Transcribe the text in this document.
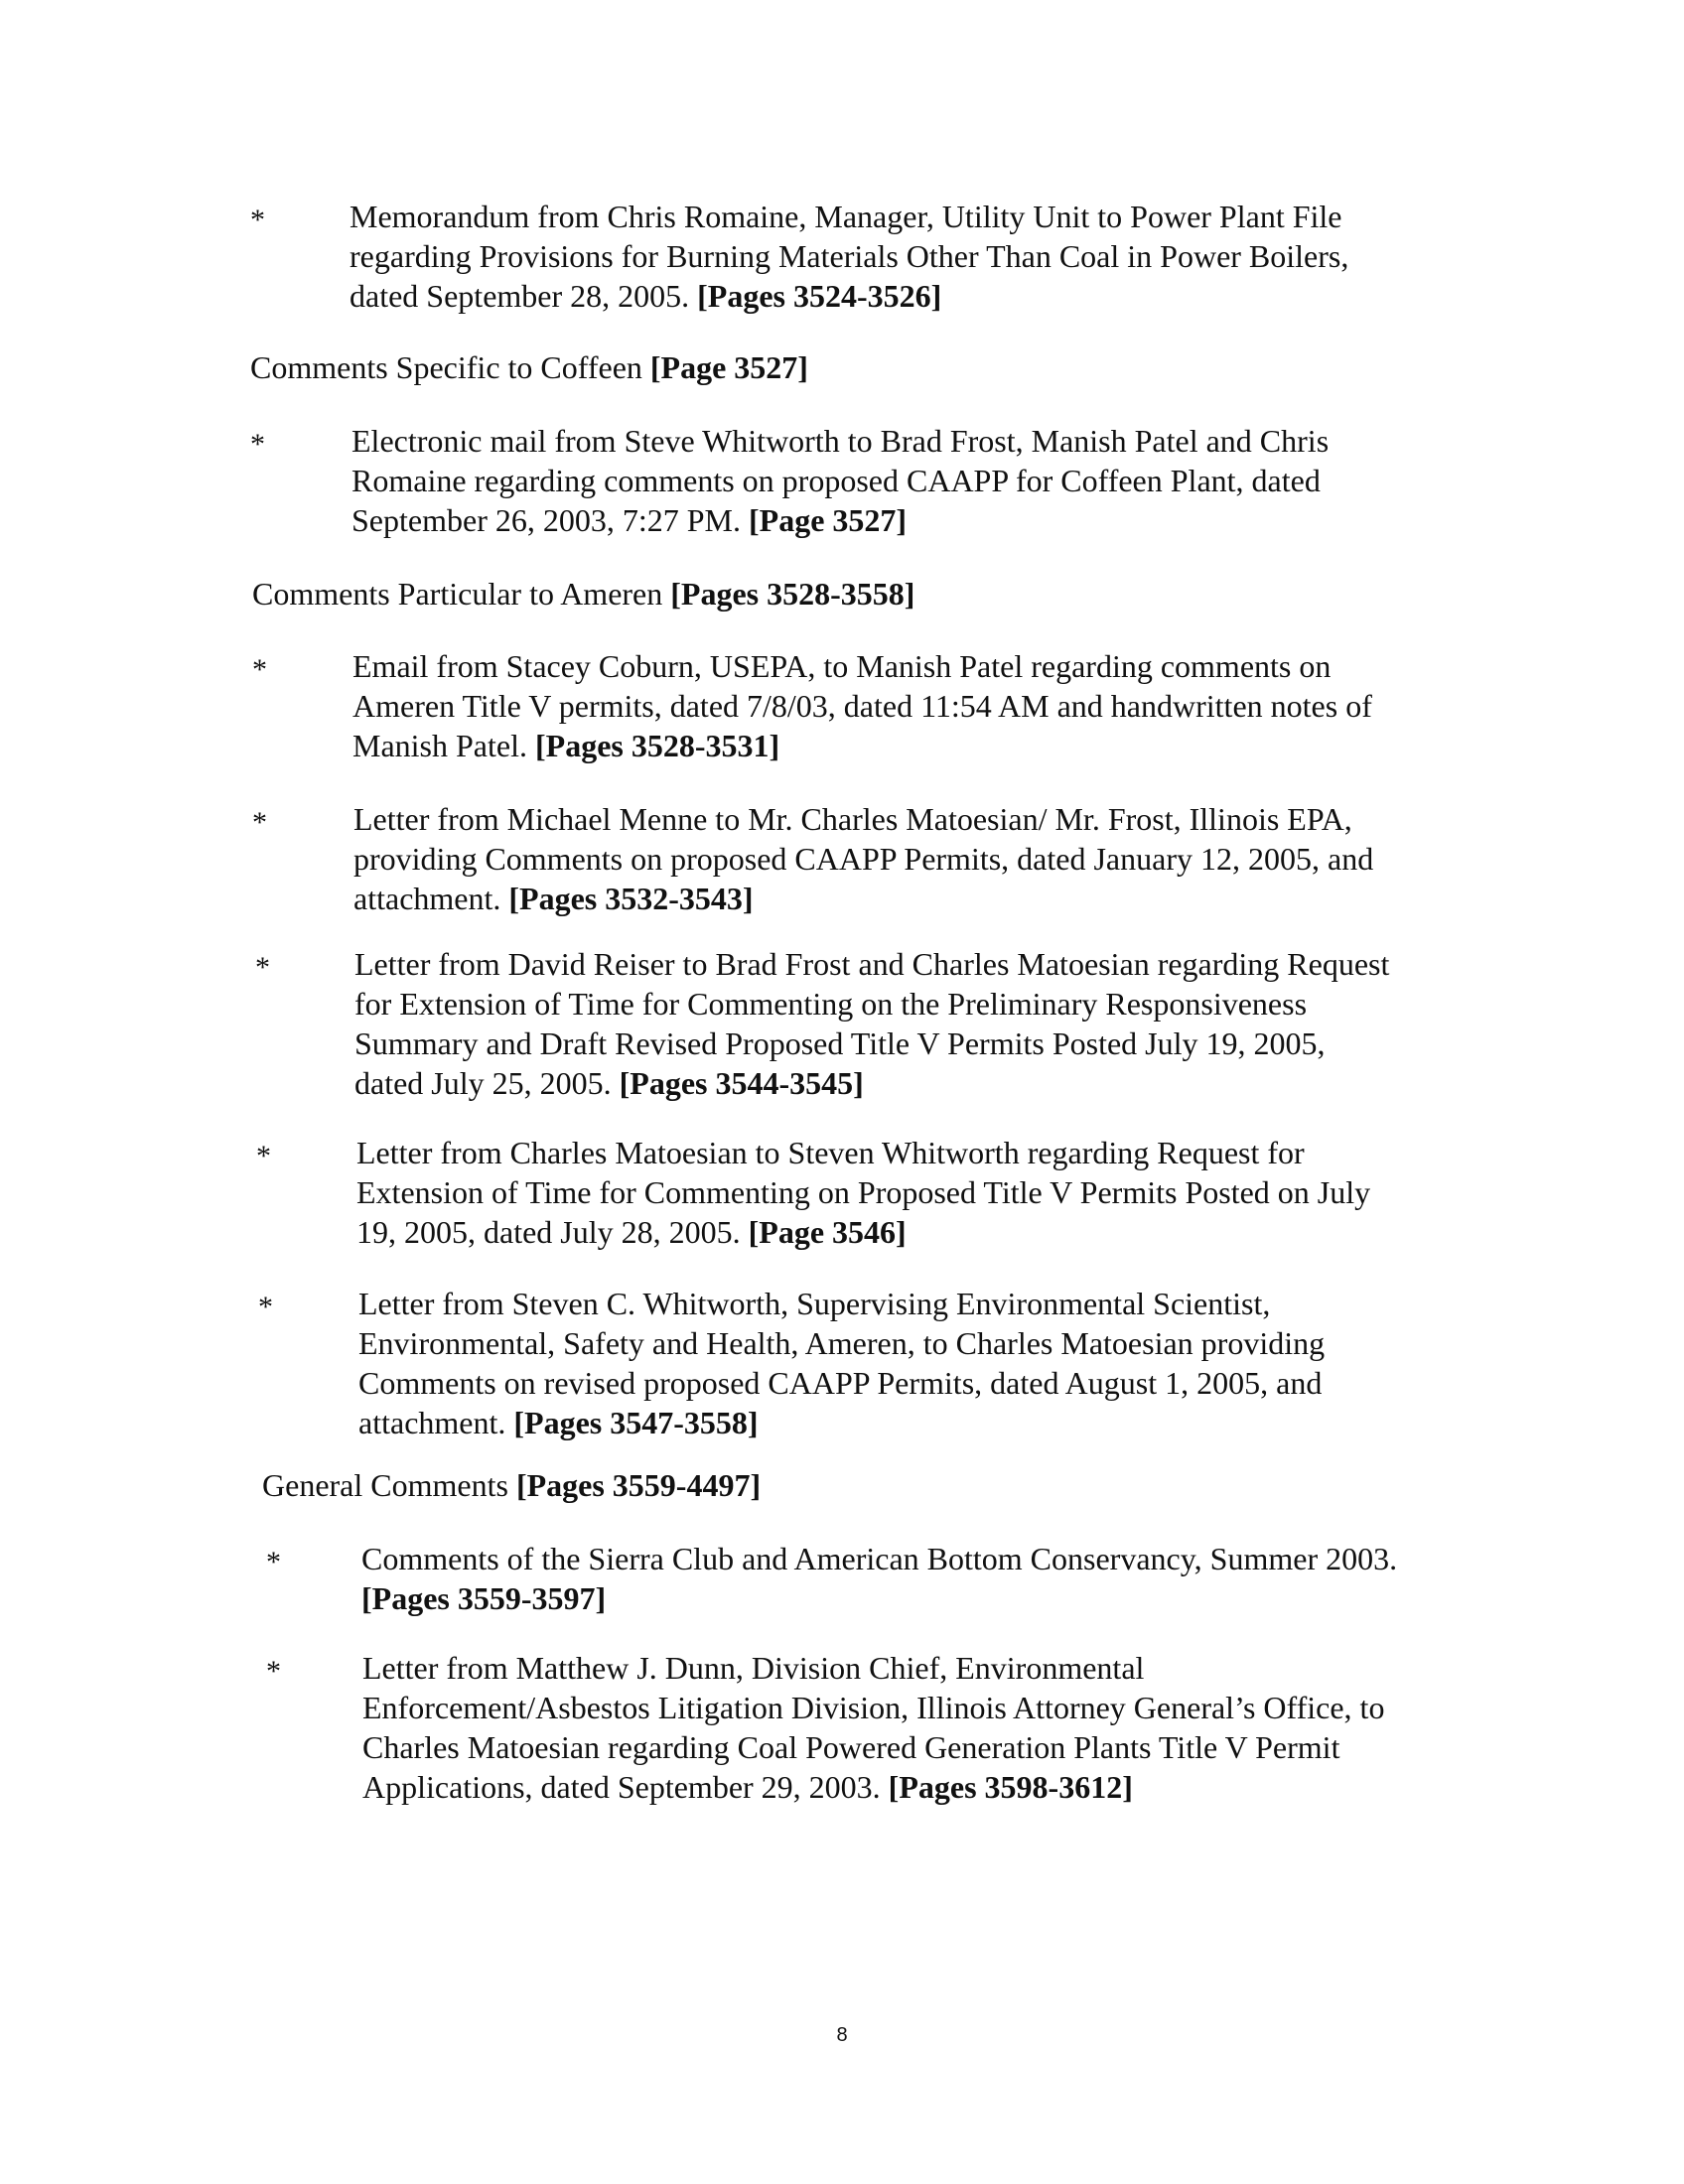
*	Memorandum from Chris Romaine, Manager, Utility Unit to Power Plant File
regarding Provisions for Burning Materials Other Than Coal in Power Boilers,
dated September 28, 2005. [Pages 3524-3526]
Comments Specific to Coffeen [Page 3527]
*	Electronic mail from Steve Whitworth to Brad Frost, Manish Patel and Chris
Romaine regarding comments on proposed CAAPP for Coffeen Plant, dated
September 26, 2003, 7:27 PM. [Page 3527]
Comments Particular to Ameren [Pages 3528-3558]
*	Email from Stacey Coburn, USEPA, to Manish Patel regarding comments on
Ameren Title V permits, dated 7/8/03, dated 11:54 AM and handwritten notes of
Manish Patel. [Pages 3528-3531]
*	Letter from Michael Menne to Mr. Charles Matoesian/ Mr. Frost, Illinois EPA,
providing Comments on proposed CAAPP Permits, dated January 12, 2005, and
attachment. [Pages 3532-3543]
*	Letter from David Reiser to Brad Frost and Charles Matoesian regarding Request
for Extension of Time for Commenting on the Preliminary Responsiveness
Summary and Draft Revised Proposed Title V Permits Posted July 19, 2005,
dated July 25, 2005. [Pages 3544-3545]
*	Letter from Charles Matoesian to Steven Whitworth regarding Request for
Extension of Time for Commenting on Proposed Title V Permits Posted on July
19, 2005, dated July 28, 2005. [Page 3546]
*	Letter from Steven C. Whitworth, Supervising Environmental Scientist,
Environmental, Safety and Health, Ameren, to Charles Matoesian providing
Comments on revised proposed CAAPP Permits, dated August 1, 2005, and
attachment. [Pages 3547-3558]
General Comments [Pages 3559-4497]
*	Comments of the Sierra Club and American Bottom Conservancy, Summer 2003.
[Pages 3559-3597]
*	Letter from Matthew J. Dunn, Division Chief, Environmental
Enforcement/Asbestos Litigation Division, Illinois Attorney General’s Office, to
Charles Matoesian regarding Coal Powered Generation Plants Title V Permit
Applications, dated September 29, 2003. [Pages 3598-3612]
8
